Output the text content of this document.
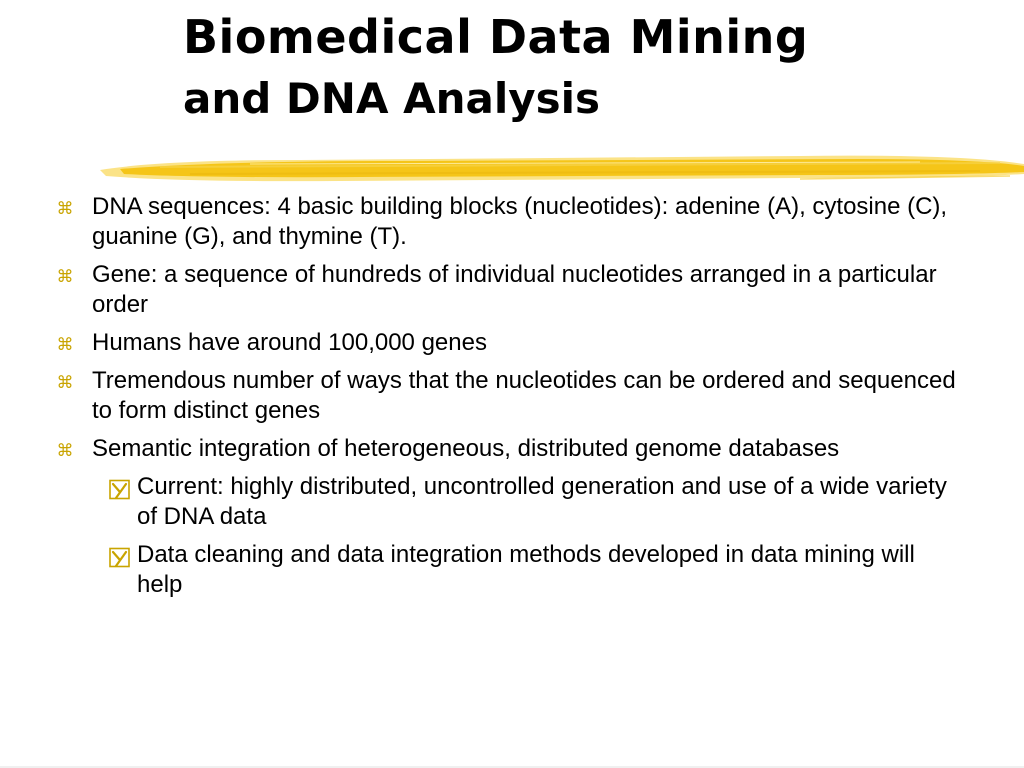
Biomedical Data Mining
and DNA Analysis
⌘ DNA sequences: 4 basic building blocks (nucleotides): adenine (A), cytosine (C), guanine (G), and thymine (T).
⌘ Gene: a sequence of hundreds of individual nucleotides arranged in a particular order
⌘ Humans have around 100,000 genes
⌘ Tremendous number of ways that the nucleotides can be ordered and sequenced to form distinct genes
⌘ Semantic integration of heterogeneous, distributed genome databases
Current: highly distributed, uncontrolled generation and use of a wide variety of DNA data
Data cleaning and data integration methods developed in data mining will help
